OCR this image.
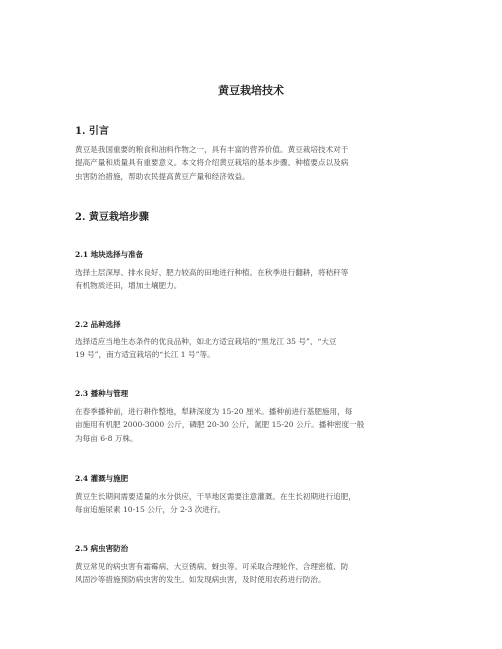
黄豆栽培技术
1. 引言
黄豆是我国重要的粮食和油料作物之一，具有丰富的营养价值。黄豆栽培技术对于
提高产量和质量具有重要意义。本文将介绍黄豆栽培的基本步骤、种植要点以及病
虫害防治措施，帮助农民提高黄豆产量和经济效益。
2. 黄豆栽培步骤
2.1 地块选择与准备
选择土层深厚、排水良好、肥力较高的田地进行种植。在秋季进行翻耕，将秸秆等
有机物质还田，增加土壤肥力。
2.2 品种选择
选择适应当地生态条件的优良品种，如北方适宜栽培的“黑龙江 35 号”、“大豆
19 号”，南方适宜栽培的“长江 1 号”等。
2.3 播种与管理
在春季播种前，进行耕作整地，犁耕深度为 15-20 厘米。播种前进行基肥施用，每
亩施用有机肥 2000-3000 公斤，磷肥 20-30 公斤，氮肥 15-20 公斤。播种密度一般
为每亩 6-8 万株。
2.4 灌溉与施肥
黄豆生长期间需要适量的水分供应，干旱地区需要注意灌溉。在生长初期进行追肥，
每亩追施尿素 10-15 公斤，分 2-3 次进行。
2.5 病虫害防治
黄豆常见的病虫害有霜霉病、大豆锈病、蚜虫等。可采取合理轮作、合理密植、防
风固沙等措施预防病虫害的发生。如发现病虫害，及时使用农药进行防治。
